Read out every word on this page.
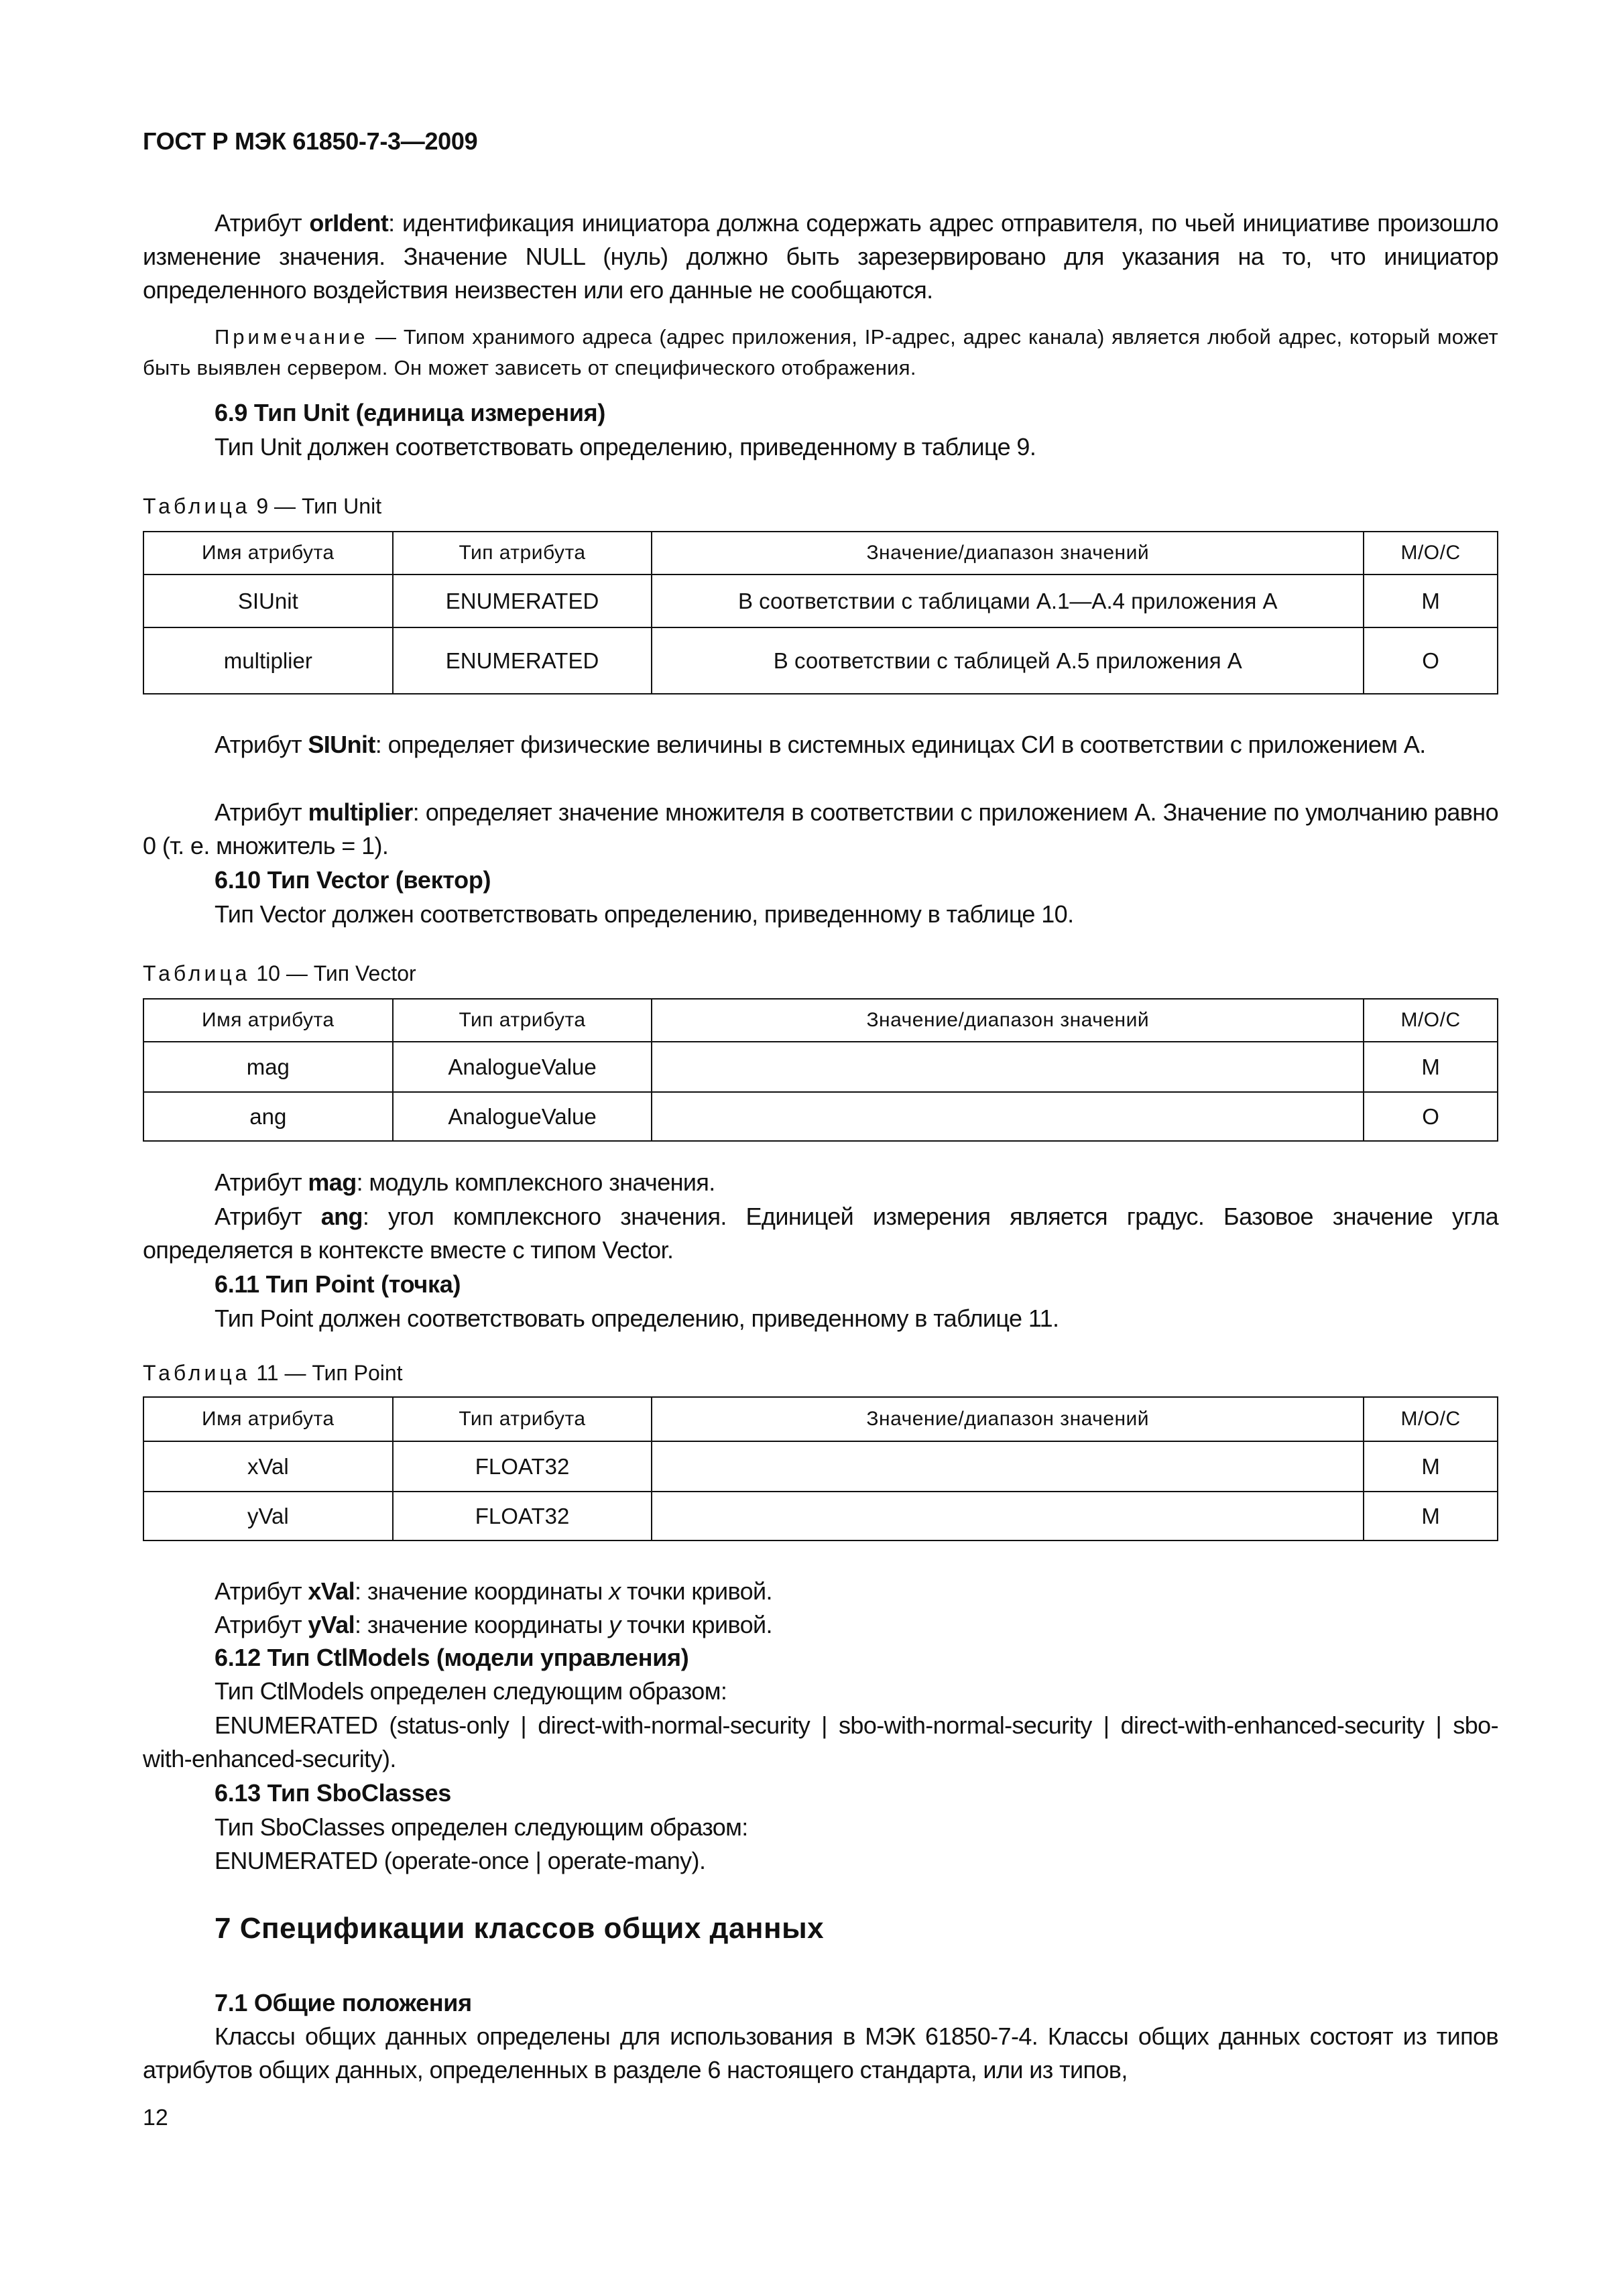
ГОСТ Р МЭК 61850-7-3—2009

Атрибут orIdent: идентификация инициатора должна содержать адрес отправителя, по чьей инициативе произошло изменение значения. Значение NULL (нуль) должно быть зарезервировано для указания на то, что инициатор определенного воздействия неизвестен или его данные не сообщаются.

Примечание — Типом хранимого адреса (адрес приложения, IP-адрес, адрес канала) является любой адрес, который может быть выявлен сервером. Он может зависеть от специфического отображения.

6.9 Тип Unit (единица измерения)
Тип Unit должен соответствовать определению, приведенному в таблице 9.
Таблица 9 — Тип Unit
Имя атрибута	Тип атрибута	Значение/диапазон значений	M/O/C
SIUnit	ENUMERATED	В соответствии с таблицами А.1—А.4 приложения А	M
multiplier	ENUMERATED	В соответствии с таблицей А.5 приложения А	O

Атрибут SIUnit: определяет физические величины в системных единицах СИ в соответствии с приложением А.

Атрибут multiplier: определяет значение множителя в соответствии с приложением А. Значение по умолчанию равно 0 (т. е. множитель = 1).

6.10 Тип Vector (вектор)
Тип Vector должен соответствовать определению, приведенному в таблице 10.
Таблица 10 — Тип Vector
Имя атрибута	Тип атрибута	Значение/диапазон значений	M/O/C
mag	AnalogueValue		M
ang	AnalogueValue		O

Атрибут mag: модуль комплексного значения.

Атрибут ang: угол комплексного значения. Единицей измерения является градус. Базовое значение угла определяется в контексте вместе с типом Vector.

6.11 Тип Point (точка)
Тип Point должен соответствовать определению, приведенному в таблице 11.
Таблица 11 — Тип Point
Имя атрибута	Тип атрибута	Значение/диапазон значений	M/O/C
xVal	FLOAT32		M
yVal	FLOAT32		M

Атрибут xVal: значение координаты x точки кривой.

Атрибут yVal: значение координаты y точки кривой.

6.12 Тип CtlModels (модели управления)
Тип CtlModels определен следующим образом:

ENUMERATED (status-only | direct-with-normal-security | sbo-with-normal-security | direct-with-enhanced-security | sbo-with-enhanced-security).

6.13 Тип SboClasses
Тип SboClasses определен следующим образом:
ENUMERATED (operate-once | operate-many).
7 Спецификации классов общих данных
7.1 Общие положения

Классы общих данных определены для использования в МЭК 61850-7-4. Классы общих данных состоят из типов атрибутов общих данных, определенных в разделе 6 настоящего стандарта, или из типов,

12
